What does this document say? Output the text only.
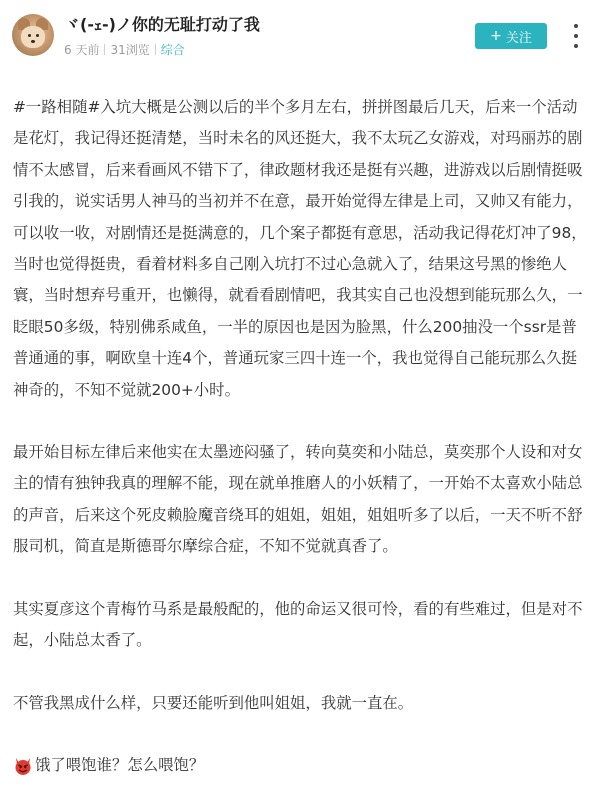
ヾ(-ｪ-)ノ你的无耻打动了我
6 天前 31浏览 综合
+ 关注

#一路相随#入坑大概是公测以后的半个多月左右，拼拼图最后几天，后来一个活动是花灯，我记得还挺清楚，当时未名的风还挺大，我不太玩乙女游戏，对玛丽苏的剧情不太感冒，后来看画风不错下了，律政题材我还是挺有兴趣，进游戏以后剧情挺吸引我的，说实话男人神马的当初并不在意，最开始觉得左律是上司，又帅又有能力，可以收一收，对剧情还是挺满意的，几个案子都挺有意思，活动我记得花灯冲了98，当时也觉得挺贵，看着材料多自己刚入坑打不过心急就入了，结果这号黑的惨绝人寰，当时想弃号重开，也懒得，就看看剧情吧，我其实自己也没想到能玩那么久，一眨眼50多级，特别佛系咸鱼，一半的原因也是因为脸黑，什么200抽没一个ssr是普普通通的事，啊欧皇十连4个，普通玩家三四十连一个，我也觉得自己能玩那么久挺神奇的，不知不觉就200+小时。

最开始目标左律后来他实在太墨迹闷骚了，转向莫奕和小陆总，莫奕那个人设和对女主的情有独钟我真的理解不能，现在就单推磨人的小妖精了，一开始不太喜欢小陆总的声音，后来这个死皮赖脸魔音绕耳的姐姐，姐姐，姐姐听多了以后，一天不听不舒服司机，简直是斯德哥尔摩综合症，不知不觉就真香了。

其实夏彦这个青梅竹马系是最般配的，他的命运又很可怜，看的有些难过，但是对不起，小陆总太香了。

不管我黑成什么样，只要还能听到他叫姐姐，我就一直在。

饿了喂饱谁？怎么喂饱？
